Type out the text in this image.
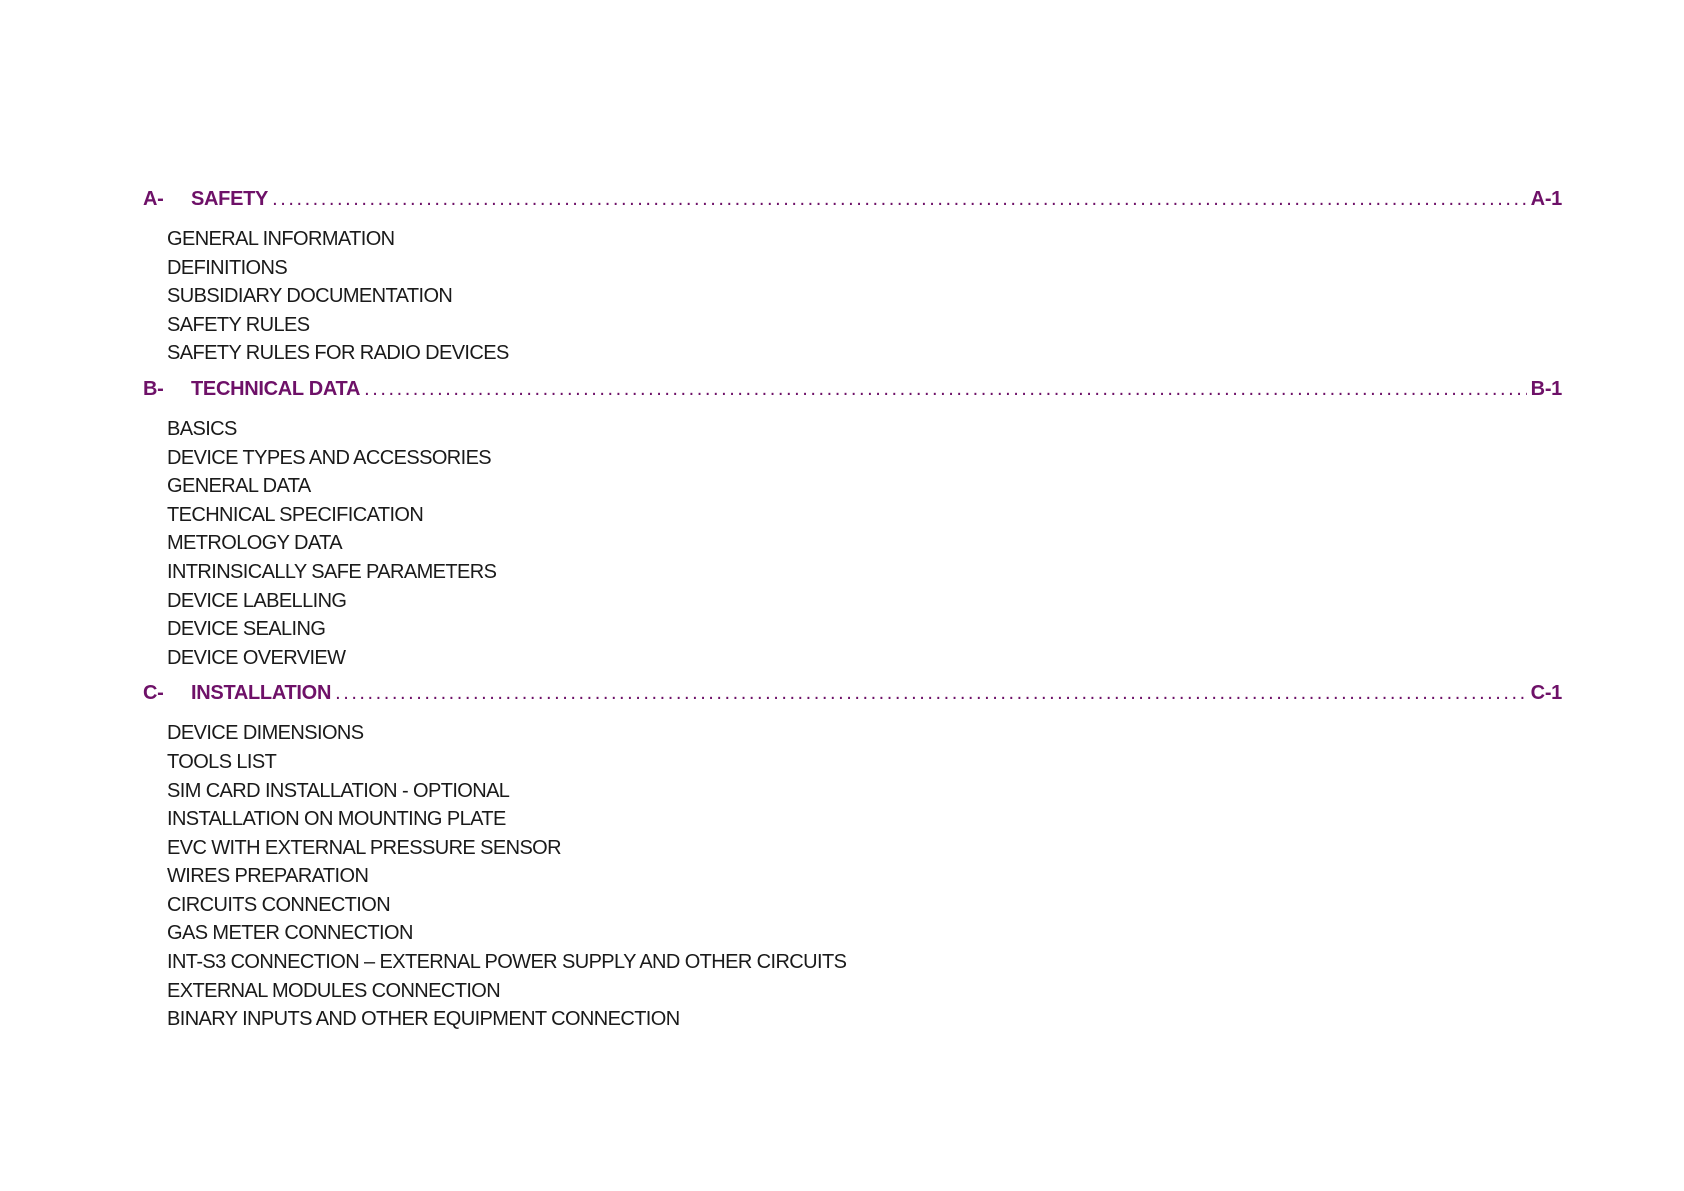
A-	SAFETY . . .	A-1
GENERAL INFORMATION
DEFINITIONS
SUBSIDIARY DOCUMENTATION
SAFETY RULES
SAFETY RULES FOR RADIO DEVICES
B-	TECHNICAL DATA . . .	B-1
BASICS
DEVICE TYPES AND ACCESSORIES
GENERAL DATA
TECHNICAL SPECIFICATION
METROLOGY DATA
INTRINSICALLY SAFE PARAMETERS
DEVICE LABELLING
DEVICE SEALING
DEVICE OVERVIEW
C-	INSTALLATION . . .	C-1
DEVICE DIMENSIONS
TOOLS LIST
SIM CARD INSTALLATION - OPTIONAL
INSTALLATION ON MOUNTING PLATE
EVC WITH EXTERNAL PRESSURE SENSOR
WIRES PREPARATION
CIRCUITS CONNECTION
GAS METER CONNECTION
INT-S3 CONNECTION – EXTERNAL POWER SUPPLY AND OTHER CIRCUITS
EXTERNAL MODULES CONNECTION
BINARY INPUTS AND OTHER EQUIPMENT CONNECTION
